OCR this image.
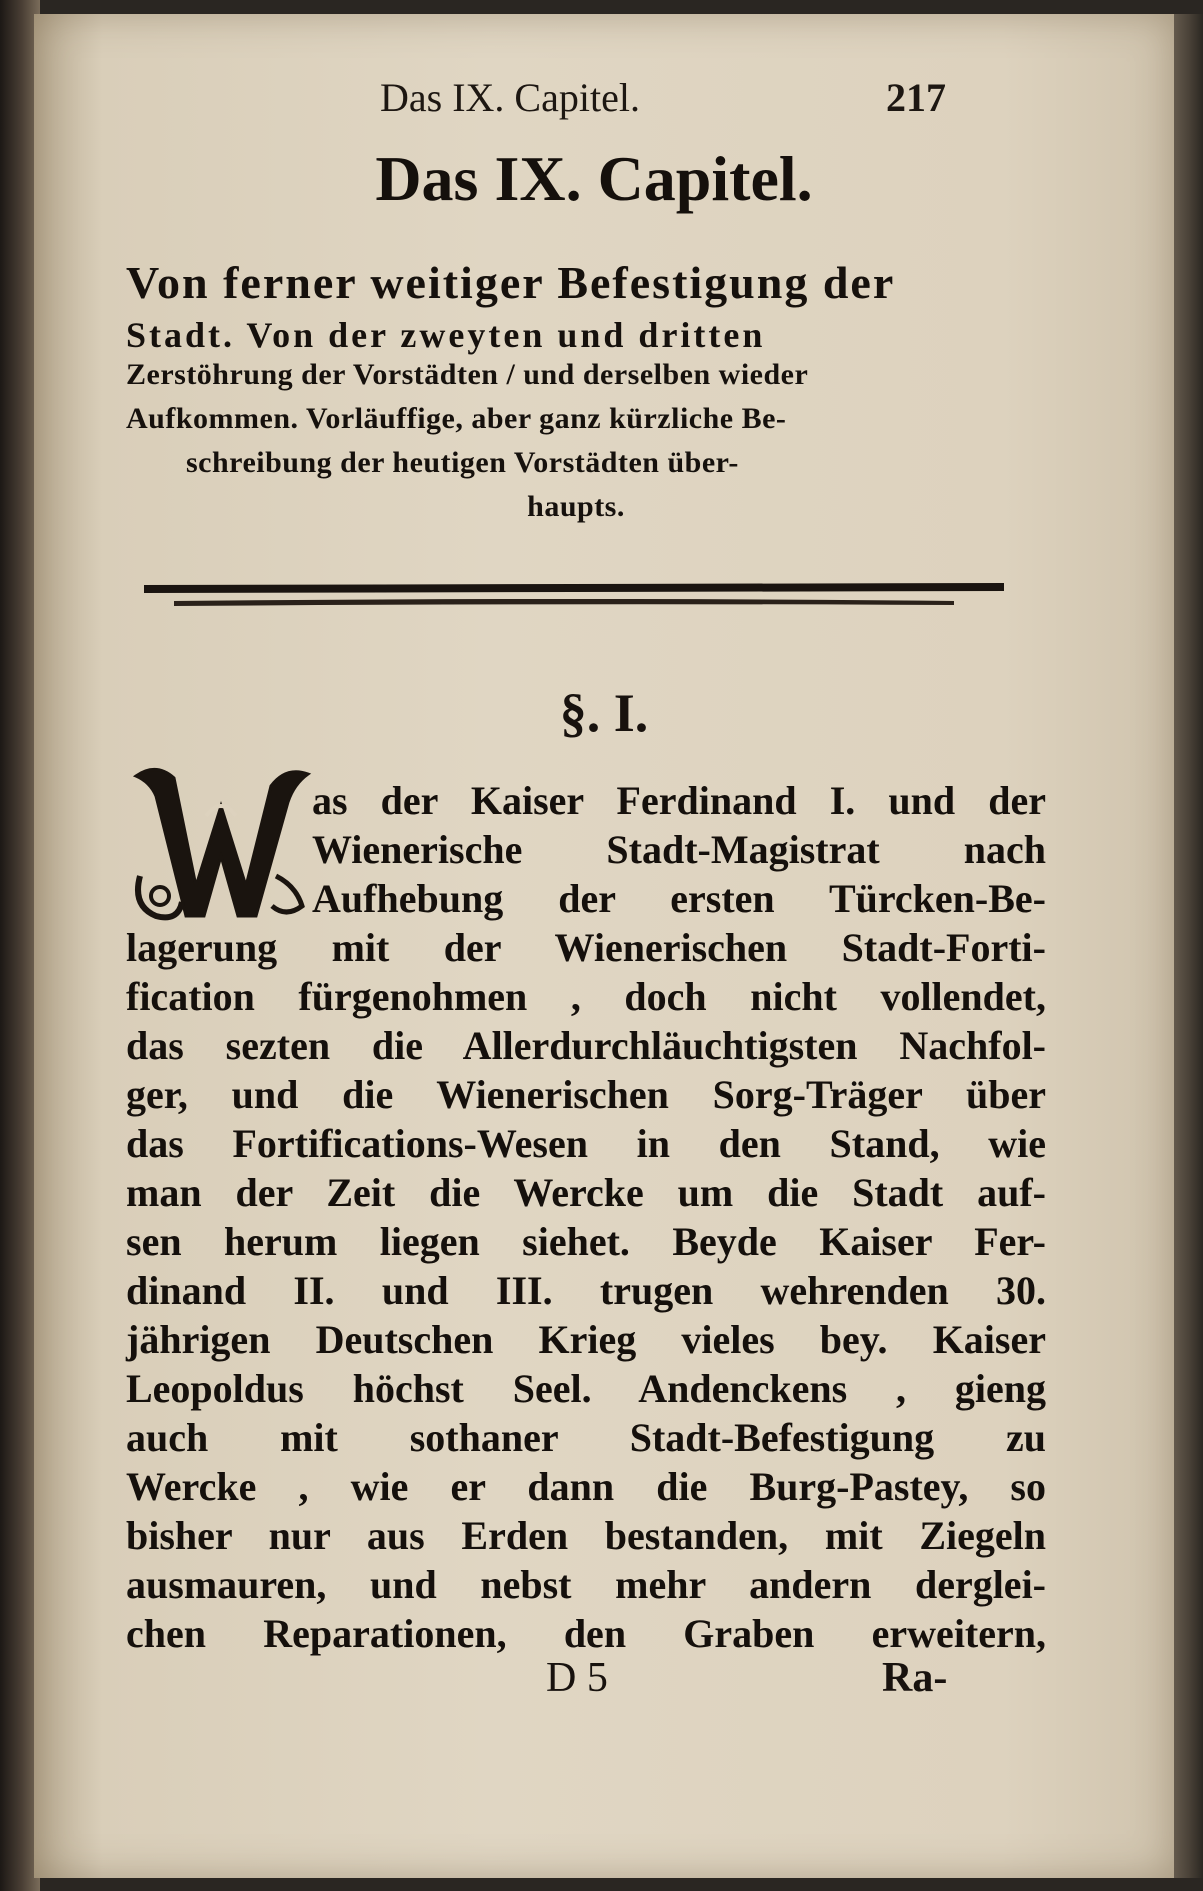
Das IX. Capitel.	217
Das IX. Capitel.
Von ferner weitiger Befestigung der
Stadt. Von der zweyten und dritten
Zerstöhrung der Vorstädten / und derselben wieder
Aufkommen. Vorläuffige, aber ganz kürzliche Be-
schreibung der heutigen Vorstädten über-
haupts.
§. I.
as der Kaiser Ferdinand I. und der
Wienerische Stadt-Magistrat nach
Aufhebung der ersten Türcken-Be-
lagerung mit der Wienerischen Stadt-Forti-
fication fürgenohmen , doch nicht vollendet,
das sezten die Allerdurchläuchtigsten Nachfol-
ger, und die Wienerischen Sorg-Träger über
das Fortifications-Wesen in den Stand, wie
man der Zeit die Wercke um die Stadt auf-
sen herum liegen siehet. Beyde Kaiser Fer-
dinand II. und III. trugen wehrenden 30.
jährigen Deutschen Krieg vieles bey. Kaiser
Leopoldus höchst Seel. Andenckens , gieng
auch mit sothaner Stadt-Befestigung zu
Wercke , wie er dann die Burg-Pastey, so
bisher nur aus Erden bestanden, mit Ziegeln
ausmauren, und nebst mehr andern derglei-
chen Reparationen, den Graben erweitern,
D 5	Ra-
